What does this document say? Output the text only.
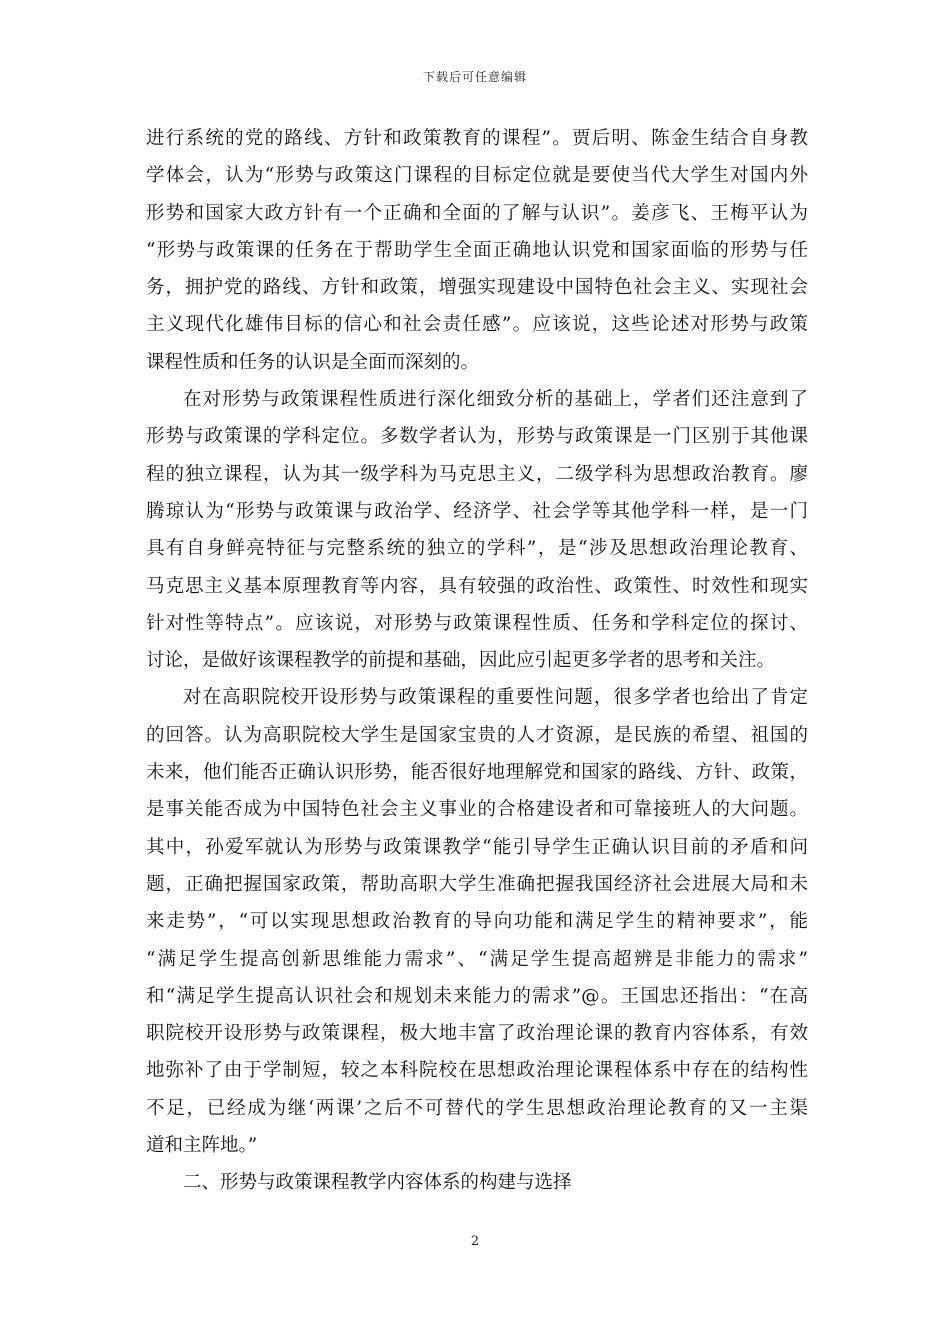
下载后可任意编辑
进行系统的党的路线、方针和政策教育的课程”。贾后明、陈金生结合自身教
学体会，认为“形势与政策这门课程的目标定位就是要使当代大学生对国内外
形势和国家大政方针有一个正确和全面的了解与认识”。姜彦飞、王梅平认为
“形势与政策课的任务在于帮助学生全面正确地认识党和国家面临的形势与任
务，拥护党的路线、方针和政策，增强实现建设中国特色社会主义、实现社会
主义现代化雄伟目标的信心和社会责任感”。应该说，这些论述对形势与政策
课程性质和任务的认识是全面而深刻的。
在对形势与政策课程性质进行深化细致分析的基础上，学者们还注意到了
形势与政策课的学科定位。多数学者认为，形势与政策课是一门区别于其他课
程的独立课程，认为其一级学科为马克思主义，二级学科为思想政治教育。廖
腾琼认为“形势与政策课与政治学、经济学、社会学等其他学科一样，是一门
具有自身鲜亮特征与完整系统的独立的学科”，是“涉及思想政治理论教育、
马克思主义基本原理教育等内容，具有较强的政治性、政策性、时效性和现实
针对性等特点”。应该说，对形势与政策课程性质、任务和学科定位的探讨、
讨论，是做好该课程教学的前提和基础，因此应引起更多学者的思考和关注。
对在高职院校开设形势与政策课程的重要性问题，很多学者也给出了肯定
的回答。认为高职院校大学生是国家宝贵的人才资源，是民族的希望、祖国的
未来，他们能否正确认识形势，能否很好地理解党和国家的路线、方针、政策，
是事关能否成为中国特色社会主义事业的合格建设者和可靠接班人的大问题。
其中，孙爱军就认为形势与政策课教学“能引导学生正确认识目前的矛盾和问
题，正确把握国家政策，帮助高职大学生准确把握我国经济社会进展大局和未
来走势”，“可以实现思想政治教育的导向功能和满足学生的精神要求”，能
“满足学生提高创新思维能力需求”、“满足学生提高超辨是非能力的需求”
和“满足学生提高认识社会和规划未来能力的需求”@。王国忠还指出：“在高
职院校开设形势与政策课程，极大地丰富了政治理论课的教育内容体系，有效
地弥补了由于学制短，较之本科院校在思想政治理论课程体系中存在的结构性
不足，已经成为继‘两课’之后不可替代的学生思想政治理论教育的又一主渠
道和主阵地。”
二、形势与政策课程教学内容体系的构建与选择
2
